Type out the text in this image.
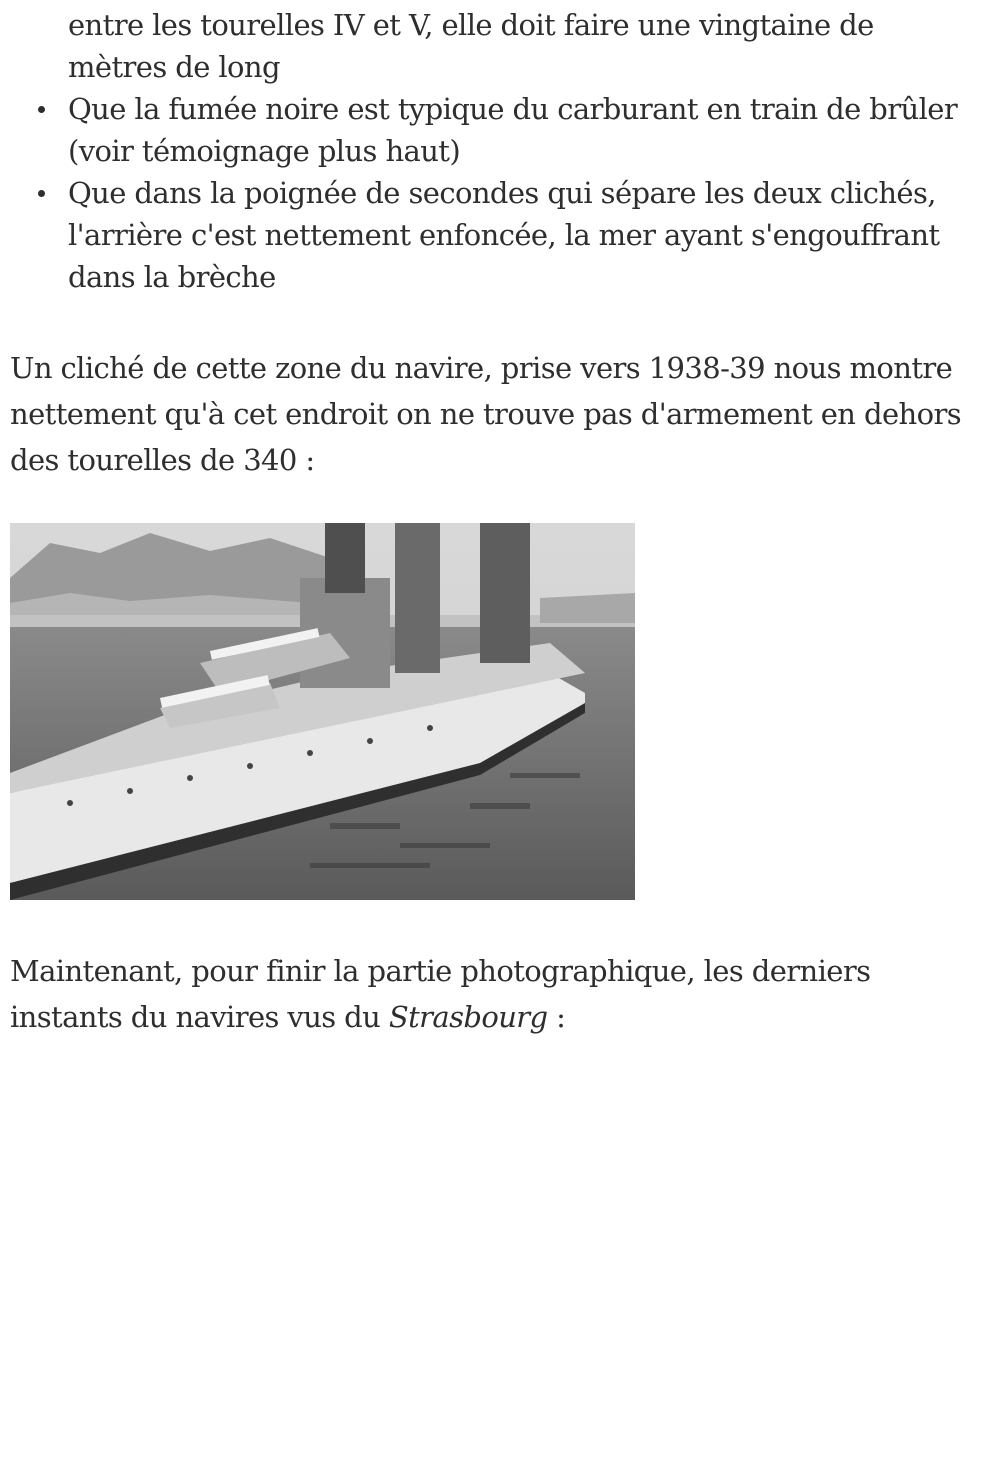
entre les tourelles IV et V, elle doit faire une vingtaine de mètres de long
Que la fumée noire est typique du carburant en train de brûler (voir témoignage plus haut)
Que dans la poignée de secondes qui sépare les deux clichés, l'arrière c'est nettement enfoncée, la mer ayant s'engouffrant dans la brèche

Un cliché de cette zone du navire, prise vers 1938-39 nous montre nettement qu'à cet endroit on ne trouve pas d'armement en dehors des tourelles de 340 :

Maintenant, pour finir la partie photographique, les derniers instants du navires vus du Strasbourg :
